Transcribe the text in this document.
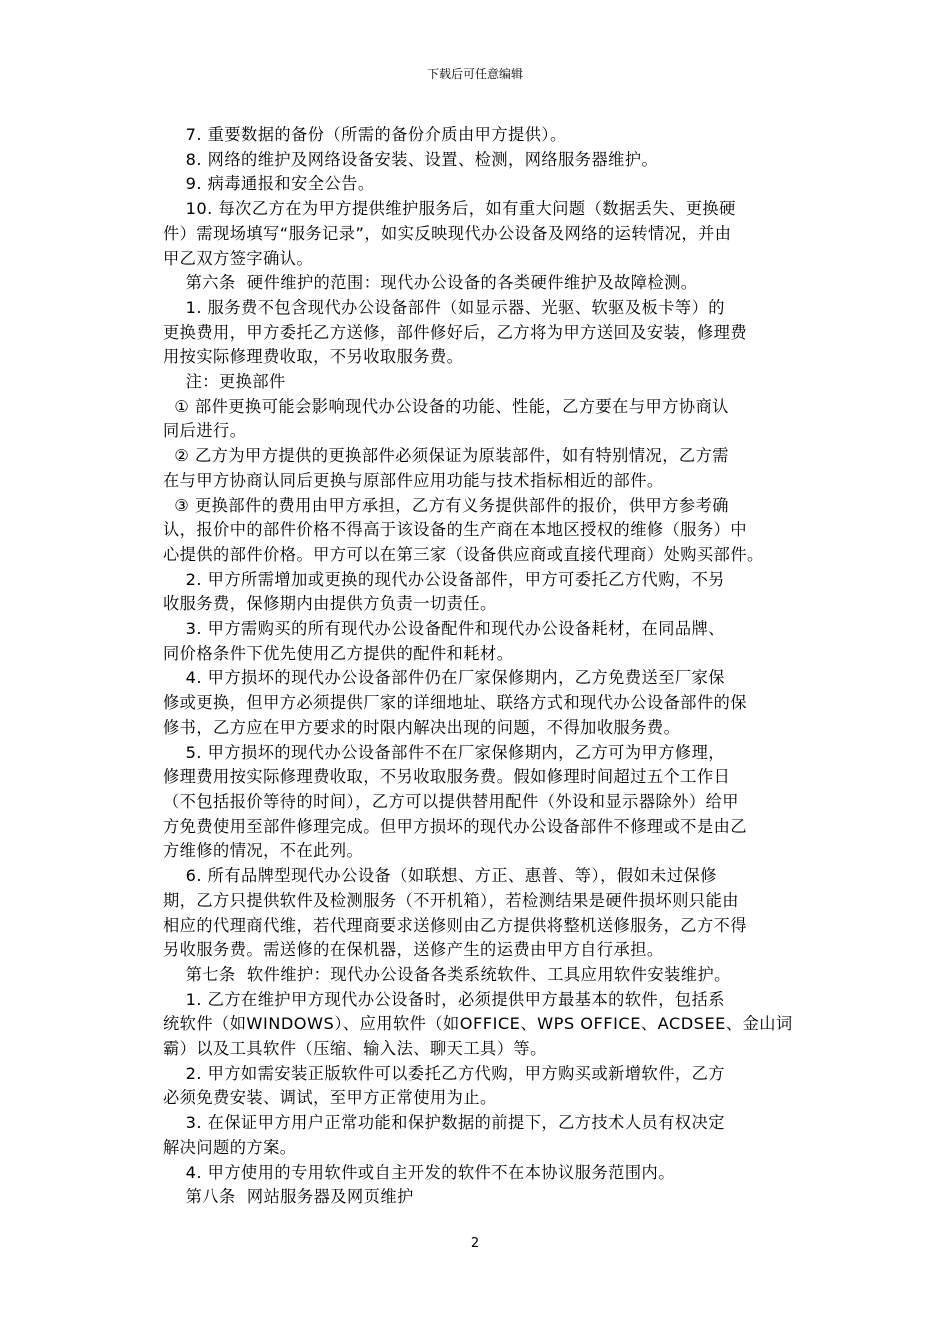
下载后可任意编辑
7. 重要数据的备份（所需的备份介质由甲方提供）。
8. 网络的维护及网络设备安装、设置、检测，网络服务器维护。
9. 病毒通报和安全公告。
10. 每次乙方在为甲方提供维护服务后，如有重大问题（数据丢失、更换硬
件）需现场填写“服务记录”，如实反映现代办公设备及网络的运转情况，并由
甲乙双方签字确认。
第六条  硬件维护的范围：现代办公设备的各类硬件维护及故障检测。
1. 服务费不包含现代办公设备部件（如显示器、光驱、软驱及板卡等）的
更换费用，甲方委托乙方送修，部件修好后，乙方将为甲方送回及安装，修理费
用按实际修理费收取，不另收取服务费。
注：更换部件
① 部件更换可能会影响现代办公设备的功能、性能，乙方要在与甲方协商认
同后进行。
② 乙方为甲方提供的更换部件必须保证为原装部件，如有特别情况，乙方需
在与甲方协商认同后更换与原部件应用功能与技术指标相近的部件。
③ 更换部件的费用由甲方承担，乙方有义务提供部件的报价，供甲方参考确
认，报价中的部件价格不得高于该设备的生产商在本地区授权的维修（服务）中
心提供的部件价格。甲方可以在第三家（设备供应商或直接代理商）处购买部件。
2. 甲方所需增加或更换的现代办公设备部件，甲方可委托乙方代购，不另
收服务费，保修期内由提供方负责一切责任。
3. 甲方需购买的所有现代办公设备配件和现代办公设备耗材，在同品牌、
同价格条件下优先使用乙方提供的配件和耗材。
4. 甲方损坏的现代办公设备部件仍在厂家保修期内，乙方免费送至厂家保
修或更换，但甲方必须提供厂家的详细地址、联络方式和现代办公设备部件的保
修书，乙方应在甲方要求的时限内解决出现的问题，不得加收服务费。
5. 甲方损坏的现代办公设备部件不在厂家保修期内，乙方可为甲方修理，
修理费用按实际修理费收取，不另收取服务费。假如修理时间超过五个工作日
（不包括报价等待的时间），乙方可以提供替用配件（外设和显示器除外）给甲
方免费使用至部件修理完成。但甲方损坏的现代办公设备部件不修理或不是由乙
方维修的情况，不在此列。
6. 所有品牌型现代办公设备（如联想、方正、惠普、等），假如未过保修
期，乙方只提供软件及检测服务（不开机箱），若检测结果是硬件损坏则只能由
相应的代理商代维，若代理商要求送修则由乙方提供将整机送修服务，乙方不得
另收服务费。需送修的在保机器，送修产生的运费由甲方自行承担。
第七条  软件维护：现代办公设备各类系统软件、工具应用软件安装维护。
1. 乙方在维护甲方现代办公设备时，必须提供甲方最基本的软件，包括系
统软件（如WINDOWS）、应用软件（如OFFICE、WPS OFFICE、ACDSEE、金山词
霸）以及工具软件（压缩、输入法、聊天工具）等。
2. 甲方如需安装正版软件可以委托乙方代购，甲方购买或新增软件，乙方
必须免费安装、调试，至甲方正常使用为止。
3. 在保证甲方用户正常功能和保护数据的前提下，乙方技术人员有权决定
解决问题的方案。
4. 甲方使用的专用软件或自主开发的软件不在本协议服务范围内。
第八条  网站服务器及网页维护
2
